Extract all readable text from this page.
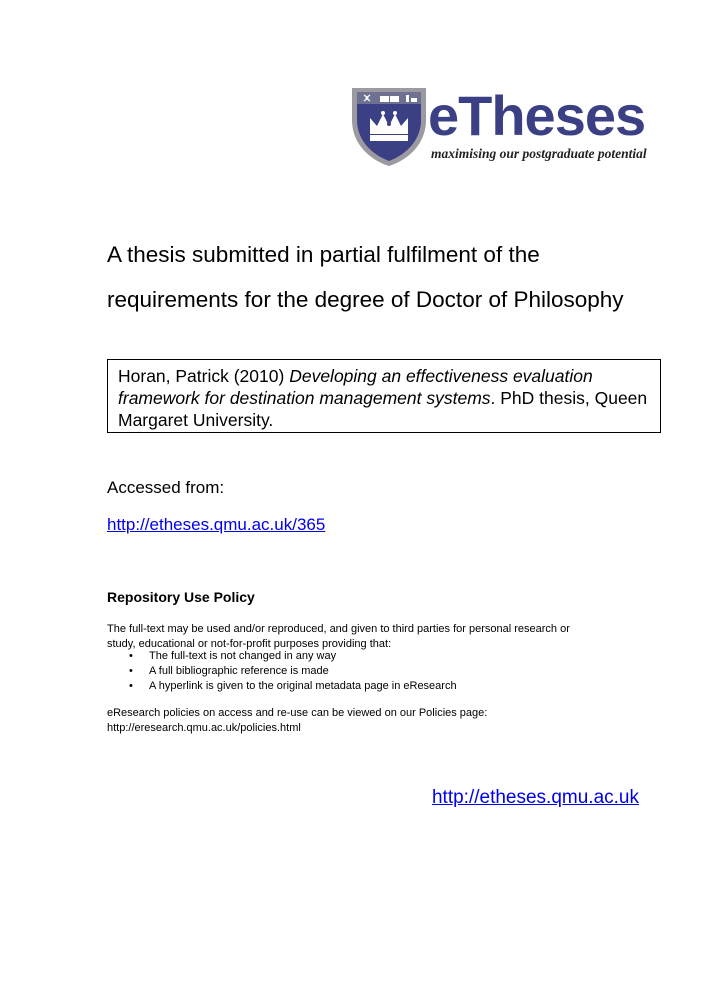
eTheses
maximising our postgraduate potential
A thesis submitted in partial fulfilment of the
requirements for the degree of Doctor of Philosophy
Horan, Patrick (2010) Developing an effectiveness evaluation framework for destination management systems. PhD thesis, Queen Margaret University.
Accessed from:
http://etheses.qmu.ac.uk/365
Repository Use Policy
The full-text may be used and/or reproduced, and given to third parties for personal research or study, educational or not-for-profit purposes providing that:
• The full-text is not changed in any way
• A full bibliographic reference is made
• A hyperlink is given to the original metadata page in eResearch
eResearch policies on access and re-use can be viewed on our Policies page: http://eresearch.qmu.ac.uk/policies.html
http://etheses.qmu.ac.uk
